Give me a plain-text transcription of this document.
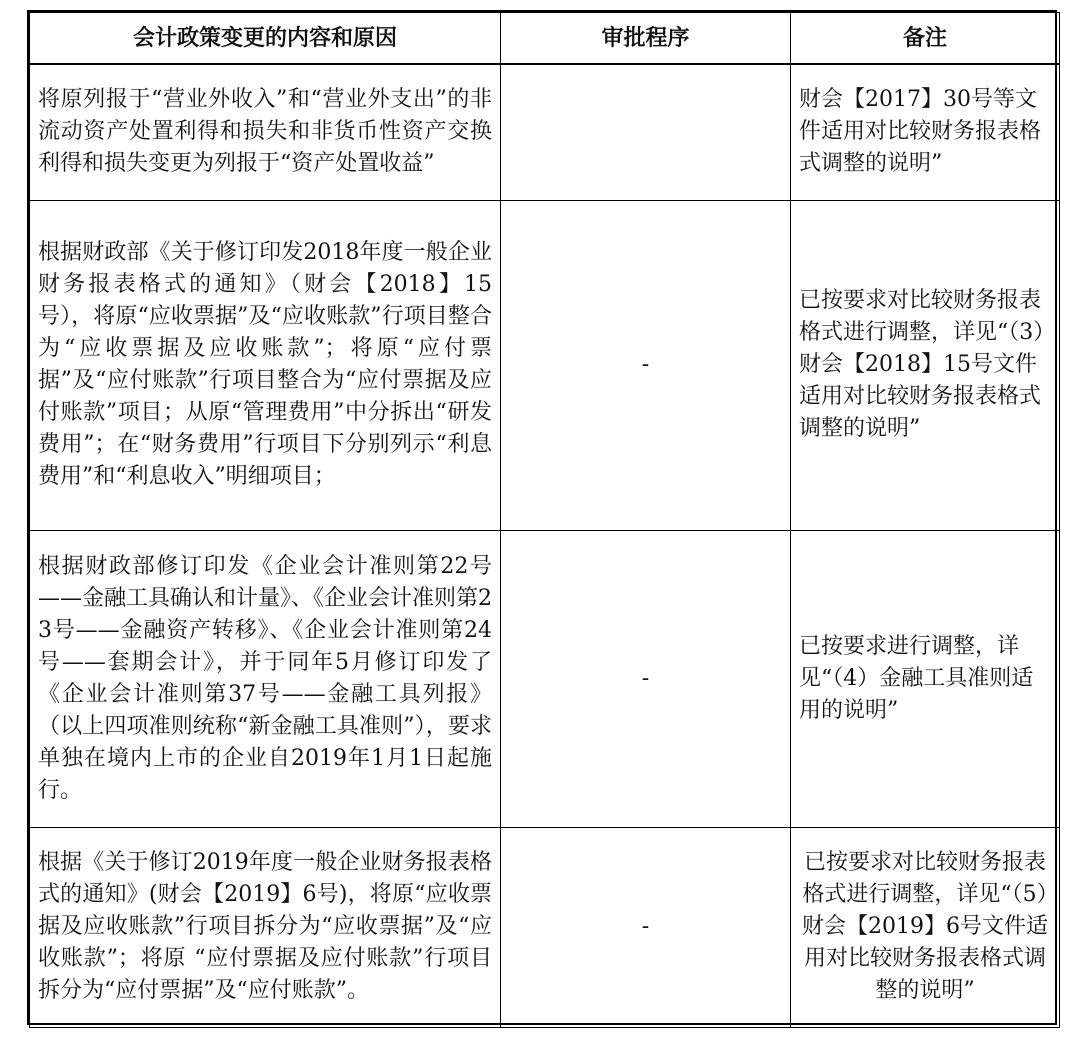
会计政策变更的内容和原因	审批程序	备注
将原列报于“营业外收入”和“营业外支出”的非流动资产处置利得和损失和非货币性资产交换利得和损失变更为列报于“资产处置收益”		财会【2017】30号等文件适用对比较财务报表格式调整的说明”
根据财政部《关于修订印发2018年度一般企业财务报表格式的通知》（财会【2018】15号），将原“应收票据”及“应收账款”行项目整合为“应收票据及应收账款”；将原“应付票据”及“应付账款”行项目整合为“应付票据及应付账款”项目；从原“管理费用”中分拆出“研发费用”；在“财务费用”行项目下分别列示“利息费用”和“利息收入”明细项目；	-	已按要求对比较财务报表格式进行调整，详见“（3）财会【2018】15号文件适用对比较财务报表格式调整的说明”
根据财政部修订印发《企业会计准则第22号——金融工具确认和计量》、《企业会计准则第23号——金融资产转移》、《企业会计准则第24号——套期会计》，并于同年5月修订印发了《企业会计准则第37号——金融工具列报》（以上四项准则统称“新金融工具准则”），要求单独在境内上市的企业自2019年1月1日起施行。	-	已按要求进行调整，详见“（4）金融工具准则适用的说明”
根据《关于修订2019年度一般企业财务报表格式的通知》(财会【2019】6号)，将原“应收票据及应收账款”行项目拆分为“应收票据”及“应收账款”；将原 “应付票据及应付账款”行项目拆分为“应付票据”及“应付账款”。	-	已按要求对比较财务报表格式进行调整，详见“（5）财会【2019】6号文件适用对比较财务报表格式调整的说明”
